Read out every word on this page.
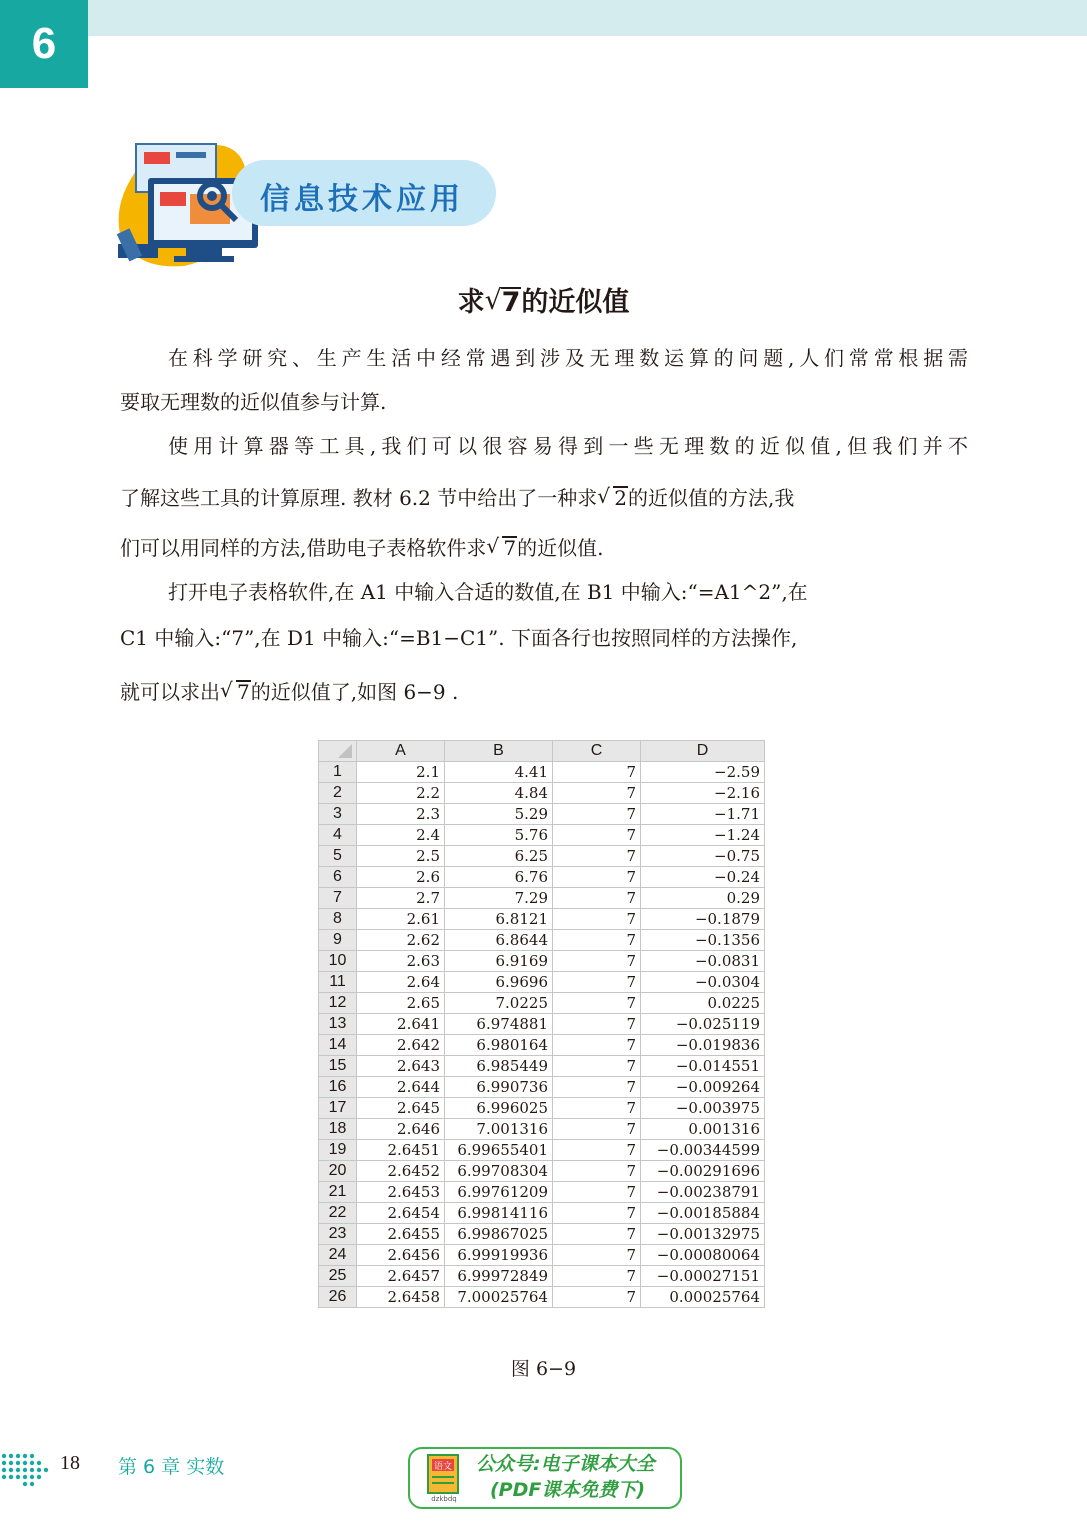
6
信息技术应用
求 √ 7的近似值
在科学研究、生产生活中经常遇到涉及无理数运算的问题,人们常常根据需
要取无理数的近似值参与计算.
使用计算器等工具,我们可以很容易得到一些无理数的近似值,但我们并不
了解这些工具的计算原理. 教材 6.2 节中给出了一种求 √ 2的近似值的方法,我
们可以用同样的方法,借助电子表格软件求 √ 7的近似值.
打开电子表格软件,在 A1 中输入合适的数值,在 B1 中输入:“=A1^2”,在
C1 中输入:“7”,在 D1 中输入:“=B1−C1”. 下面各行也按照同样的方法操作,
就可以求出 √ 7的近似值了,如图 6−9 .
	A	B	C	D
1	2.1	4.41	7	−2.59
2	2.2	4.84	7	−2.16
3	2.3	5.29	7	−1.71
4	2.4	5.76	7	−1.24
5	2.5	6.25	7	−0.75
6	2.6	6.76	7	−0.24
7	2.7	7.29	7	0.29
8	2.61	6.8121	7	−0.1879
9	2.62	6.8644	7	−0.1356
10	2.63	6.9169	7	−0.0831
11	2.64	6.9696	7	−0.0304
12	2.65	7.0225	7	0.0225
13	2.641	6.974881	7	−0.025119
14	2.642	6.980164	7	−0.019836
15	2.643	6.985449	7	−0.014551
16	2.644	6.990736	7	−0.009264
17	2.645	6.996025	7	−0.003975
18	2.646	7.001316	7	0.001316
19	2.6451	6.99655401	7	−0.00344599
20	2.6452	6.99708304	7	−0.00291696
21	2.6453	6.99761209	7	−0.00238791
22	2.6454	6.99814116	7	−0.00185884
23	2.6455	6.99867025	7	−0.00132975
24	2.6456	6.99919936	7	−0.00080064
25	2.6457	6.99972849	7	−0.00027151
26	2.6458	7.00025764	7	0.00025764
图 6−9
18 第 6 章 实数	语文
dzkbdq
公众号:电子课本大全
(PDF课本免费下)
